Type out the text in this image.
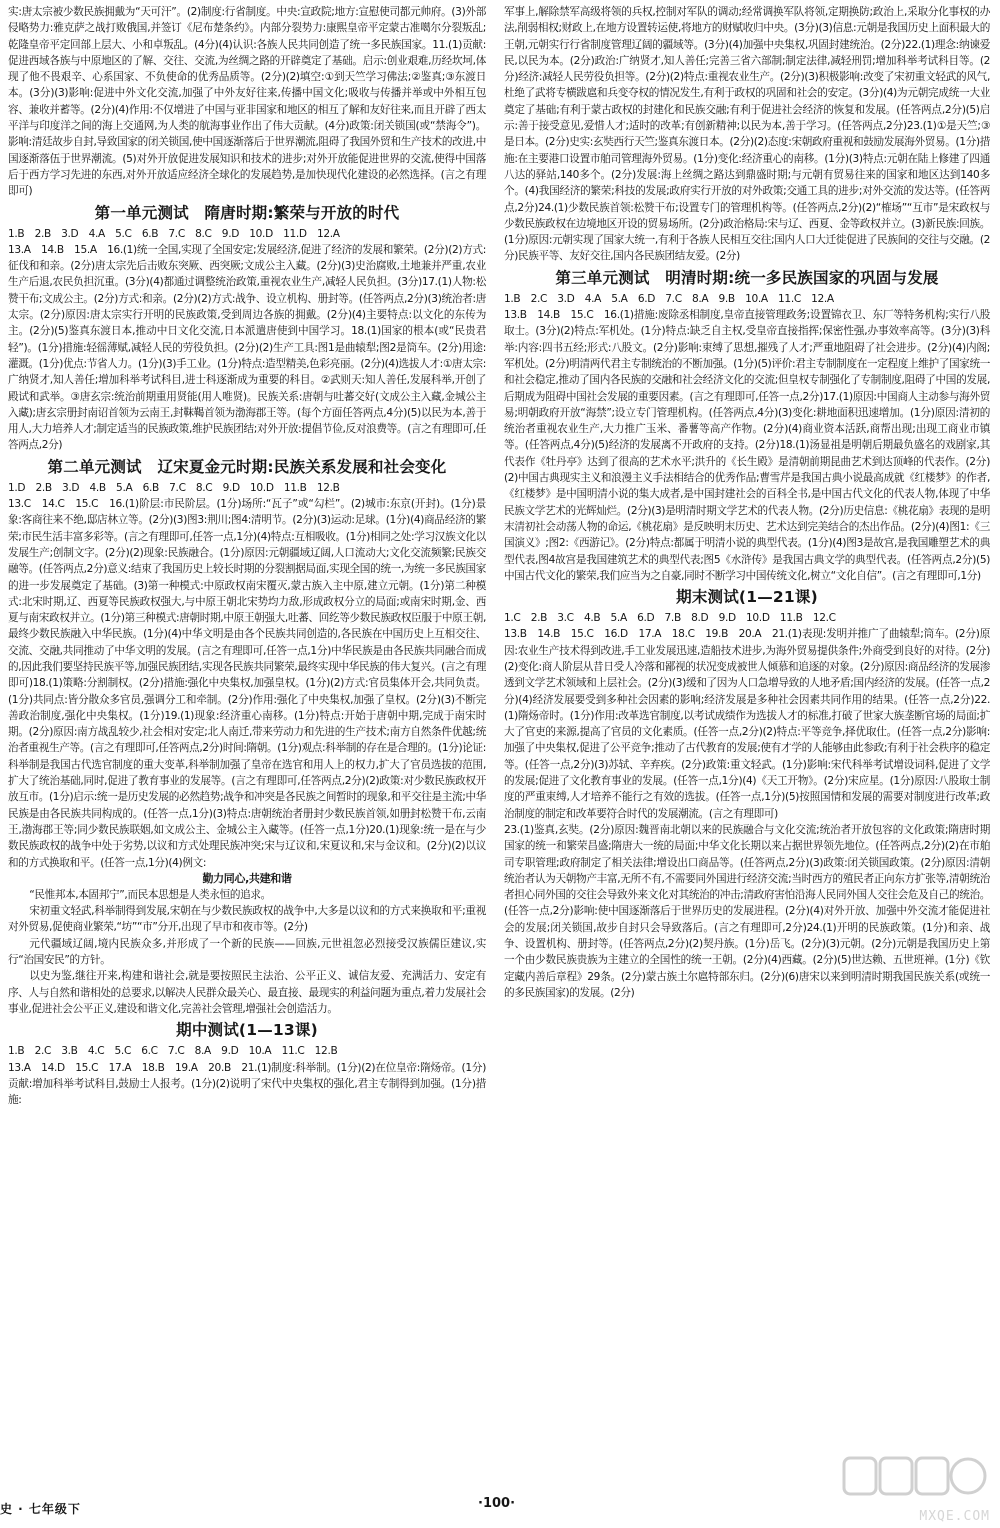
实:唐太宗被少数民族拥戴为“天可汗”。(2)制度:行省制度。中央:宣政院;地方:宣慰使司都元帅府。(3)外部侵略势力:雅克萨之战打败俄国,并签订《尼布楚条约》。内部分裂势力:康熙皇帝平定蒙古准噶尔分裂叛乱;乾隆皇帝平定回部上层大、小和卓叛乱。(4分)(4)认识:各族人民共同创造了统一多民族国家。11.(1)贡献:促进西域各族与中原地区的了解、交往、交流,为丝绸之路的开辟奠定了基础。启示:创业艰难,历经坎坷,体现了他不畏艰辛、心系国家、不负使命的优秀品质等。(2分)(2)填空:①到天竺学习佛法;②鉴真;③东渡日本。(3分)(3)影响:促进中外文化交流,加强了中外友好往来,传播中国文化;吸收与传播并举或中外相互包容、兼收并蓄等。(2分)(4)作用:不仅增进了中国与亚非国家和地区的相互了解和友好往来,而且开辟了西太平洋与印度洋之间的海上交通网,为人类的航海事业作出了伟大贡献。(4分)政策:闭关锁国(或“禁海令”)。影响:清廷故步自封,导致国家的闭关锁国,使中国逐渐落后于世界潮流,阻碍了我国外贸和生产技术的改进,中国逐渐落伍于世界潮流。(5)对外开放促进发展知识和技术的进步;对外开放能促进世界的交流,使得中国落后于西方学习先进的东西,对外开放适应经济全球化的发展趋势,是加快现代化建设的必然选择。(言之有理即可)

第一单元测试　隋唐时期:繁荣与开放的时代

1.B　2.B　3.D　4.A　5.C　6.B　7.C　8.C　9.D　10.D　11.D　12.A

13.A　14.B　15.A　16.(1)统一全国,实现了全国安定;发展经济,促进了经济的发展和繁荣。(2分)(2)方式:征伐和和亲。(2分)唐太宗先后击败东突厥、西突厥;文成公主入藏。(2分)(3)史治腐败,土地兼并严重,农业生产后退,农民负担沉重。(3分)(4)都通过调整统治政策,重视农业生产,减轻人民负担。(3分)17.(1)人物:松赞干布;文成公主。(2分)方式:和亲。(2分)(2)方式:战争、设立机构、册封等。(任答两点,2分)(3)统治者:唐太宗。(2分)原因:唐太宗实行开明的民族政策,受到周边各族的拥戴。(2分)(4)主要特点:以文化的东传为主。(2分)(5)鉴真东渡日本,推动中日文化交流,日本派遣唐使到中国学习。18.(1)国家的根本(或“民贵君轻”)。(1分)措施:轻徭薄赋,减轻人民的劳役负担。(2分)(2)生产工具:图1是曲辕犁;图2是筒车。(2分)用途:灌溉。(1分)优点:节省人力。(1分)(3)手工业。(1分)特点:造型精美,色彩亮丽。(2分)(4)选拔人才:①唐太宗:广纳贤才,知人善任;增加科举考试科目,进士科逐渐成为重要的科目。②武则天:知人善任,发展科举,开创了殿试和武举。③唐玄宗:统治前期重用贤能(用人唯贤)。民族关系:唐朝与吐蕃交好(文成公主入藏,金城公主入藏);唐玄宗册封南诏首领为云南王,封靺鞨首领为渤海郡王等。(每个方面任答两点,4分)(5)以民为本,善于用人,大力培养人才;制定适当的民族政策,维护民族团结;对外开放:提倡节俭,反对浪费等。(言之有理即可,任答两点,2分)

第二单元测试　辽宋夏金元时期:民族关系发展和社会变化

1.D　2.B　3.D　4.B　5.A　6.B　7.C　8.C　9.D　10.D　11.B　12.B

13.C　14.C　15.C　16.(1)阶层:市民阶层。(1分)场所:“瓦子”或“勾栏”。(2)城市:东京(开封)。(1分)景象:客商往来不绝,邸店林立等。(2分)(3)图3:荆川;图4:清明节。(2分)(3)运动:足球。(1分)(4)商品经济的繁荣;市民生活丰富多彩等。(言之有理即可,任答一点,1分)(4)特点:互相吸收。(1分)相同之处:学习汉族文化以发展生产;创制文字。(2分)(2)现象:民族融合。(1分)原因:元朝疆域辽阔,人口流动大;文化交流频繁;民族交融等。(任答两点,2分)意义:结束了我国历史上较长时期的分裂割据局面,实现全国的统一,为统一多民族国家的进一步发展奠定了基础。(3)第一种模式:中原政权南宋覆灭,蒙古族入主中原,建立元朝。(1分)第二种模式:北宋时期,辽、西夏等民族政权强大,与中原王朝北宋势均力敌,形成政权分立的局面;或南宋时期,金、西夏与南宋政权并立。(1分)第三种模式:唐朝时期,中原王朝强大,吐蕃、回纥等少数民族政权臣服于中原王朝,最终少数民族融入中华民族。(1分)(4)中华文明是由各个民族共同创造的,各民族在中国历史上互相交往、交流、交融,共同推动了中华文明的发展。(言之有理即可,任答一点,1分)中华民族是由各民族共同融合而成的,因此我们要坚持民族平等,加强民族团结,实现各民族共同繁荣,最终实现中华民族的伟大复兴。(言之有理即可)18.(1)策略:分割制权。(2分)措施:强化中央集权,加强皇权。(1分)(2)方式:官员集体开会,共同负责。(1分)共同点:皆分散众多官员,强调分工和牵制。(2分)作用:强化了中央集权,加强了皇权。(2分)(3)不断完善政治制度,强化中央集权。(1分)19.(1)现象:经济重心南移。(1分)特点:开始于唐朝中期,完成于南宋时期。(2分)原因:南方战乱较少,社会相对安定;北人南迁,带来劳动力和先进的生产技术;南方自然条件优越;统治者重视生产等。(言之有理即可,任答两点,2分)时间:隋朝。(1分)观点:科举制的存在是合理的。(1分)论证:科举制是我国古代选官制度的重大变革,科举制加强了皇帝在选官和用人上的权力,扩大了官员选拔的范围,扩大了统治基础,同时,促进了教育事业的发展等。(言之有理即可,任答两点,2分)(2)政策:对少数民族政权开放互市。(1分)启示:统一是历史发展的必然趋势;战争和冲突是各民族之间暂时的现象,和平交往是主流;中华民族是由各民族共同构成的。(任答一点,1分)(3)特点:唐朝统治者册封少数民族首领,如册封松赞干布,云南王,渤海郡王等;同少数民族联姻,如文成公主、金城公主入藏等。(任答一点,1分)20.(1)现象:统一是在与少数民族政权的战争中处于劣势,以议和方式处理民族冲突;宋与辽议和,宋夏议和,宋与金议和。(2分)(2)以议和的方式换取和平。(任答一点,1分)(4)例文:

勤力同心,共建和谐

“民惟邦本,本固邦宁”,而民本思想是人类永恒的追求。

宋初重文轻武,科举制得到发展,宋朝在与少数民族政权的战争中,大多是以议和的方式来换取和平;重视对外贸易,促使商业繁荣,“坊”“市”分开,出现了早市和夜市等。(2分)

元代疆域辽阔,境内民族众多,并形成了一个新的民族——回族,元世祖忽必烈接受汉族儒臣建议,实行“治国安民”的方针。

以史为鉴,继往开来,构建和谐社会,就是要按照民主法治、公平正义、诚信友爱、充满活力、安定有序、人与自然和谐相处的总要求,以解决人民群众最关心、最直接、最现实的利益问题为重点,着力发展社会事业,促进社会公平正义,建设和谐文化,完善社会管理,增强社会创造活力。

期中测试(1—13课)

1.B　2.C　3.B　4.C　5.C　6.C　7.C　8.A　9.D　10.A　11.C　12.B

13.A　14.D　15.C　17.A　18.B　19.A　20.B　21.(1)制度:科举制。(1分)(2)在位皇帝:隋炀帝。(1分)贡献:增加科举考试科目,鼓励士人报考。(1分)(2)说明了宋代中央集权的强化,君主专制得到加强。(1分)措施:

军事上,解除禁军高级将领的兵权,控制对军队的调动;经常调换军队将领,定期换防;政治上,采取分化事权的办法,削弱相权;财政上,在地方设置转运使,将地方的财赋收归中央。(3分)(3)信息:元朝是我国历史上面积最大的王朝,元朝实行行省制度管理辽阔的疆域等。(3分)(4)加强中央集权,巩固封建统治。(2分)22.(1)理念:纳谏爱民,以民为本。(2分)政治:广纳贤才,知人善任;完善三省六部制;制定法律,减轻刑罚;增加科举考试科目等。(2分)经济:减轻人民劳役负担等。(2分)(2)特点:重视农业生产。(2分)(3)积极影响:改变了宋初重文轻武的风气,杜绝了武将专横跋扈和兵变夺权的情况发生,有利于政权的巩固和社会的安定。(3分)(4)为元朝完成统一大业奠定了基础;有利于蒙古政权的封建化和民族交融;有利于促进社会经济的恢复和发展。(任答两点,2分)(5)启示:善于接受意见,爱惜人才;适时的改革;有创新精神;以民为本,善于学习。(任答两点,2分)23.(1)①是天竺;③是日本。(2分)史实:玄奘西行天竺;鉴真东渡日本。(2分)(2)态度:宋朝政府重视和鼓励发展海外贸易。(1分)措施:在主要港口设置市舶司管理海外贸易。(1分)变化:经济重心的南移。(1分)(3)特点:元朝在陆上修建了四通八达的驿站,140多个。(2分)发展:海上丝绸之路达到鼎盛时期;与元朝有贸易往来的国家和地区达到140多个。(4)我国经济的繁荣;科技的发展;政府实行开放的对外政策;交通工具的进步;对外交流的发达等。(任答两点,2分)24.(1)少数民族首领:松赞干布;设置专门的管理机构等。(任答两点,2分)(2)“榷场”“互市”是宋政权与少数民族政权在边境地区开设的贸易场所。(2分)政治格局:宋与辽、西夏、金等政权并立。(3)新民族:回族。(1分)原因:元朝实现了国家大统一,有利于各族人民相互交往;国内人口大迁徙促进了民族间的交往与交融。(2分)民族平等、友好交往,国内各民族团结友爱。(2分)

第三单元测试　明清时期:统一多民族国家的巩固与发展

1.B　2.C　3.D　4.A　5.A　6.D　7.C　8.A　9.B　10.A　11.C　12.A

13.B　14.B　15.C　16.(1)措施:废除丞相制度,皇帝直接管理政务;设置锦衣卫、东厂等特务机构;实行八股取士。(3分)(2)特点:军机处。(1分)特点:缺乏自主权,受皇帝直接指挥;保密性强,办事效率高等。(3分)(3)科举:内容:四书五经;形式:八股文。(2分)影响:束缚了思想,摧残了人才;严重地阻碍了社会进步。(2分)(4)内阁;军机处。(2分)明清两代君主专制统治的不断加强。(1分)(5)评价:君主专制制度在一定程度上维护了国家统一和社会稳定,推动了国内各民族的交融和社会经济文化的交流;但皇权专制强化了专制制度,阻碍了中国的发展,后期成为阻碍中国社会发展的重要因素。(言之有理即可,任答一点,2分)17.(1)原因:中国商人主动参与海外贸易;明朝政府开放“海禁”;设立专门管理机构。(任答两点,4分)(3)变化:耕地面积迅速增加。(1分)原因:清初的统治者重视农业生产,大力推广玉米、番薯等高产作物。(2分)(4)商业资本活跃,商帮出现;出现工商业市镇等。(任答两点,4分)(5)经济的发展离不开政府的支持。(2分)18.(1)汤显祖是明朝后期最负盛名的戏剧家,其代表作《牡丹亭》达到了很高的艺术水平;洪升的《长生殿》是清朝前期昆曲艺术到达顶峰的代表作。(2分)(2)中国古典现实主义和浪漫主义手法相结合的优秀作品;曹雪芹是我国古典小说最高成就《红楼梦》的作者,《红楼梦》是中国明清小说的集大成者,是中国封建社会的百科全书,是中国古代文化的代表人物,体现了中华民族文学艺术的光辉灿烂。(2分)(3)是明清时期文学艺术的代表人物。(2分)历史信息:《桃花扇》表现的是明末清初社会动荡人物的命运,《桃花扇》是反映明末历史、艺术达到完美结合的杰出作品。(2分)(4)图1:《三国演义》;图2:《西游记》。(2分)特点:都属于明清小说的典型代表。(1分)(4)图3是故宫,是我国雕塑艺术的典型代表,图4故宫是我国建筑艺术的典型代表;图5《水浒传》是我国古典文学的典型代表。(任答两点,2分)(5)中国古代文化的繁荣,我们应当为之自豪,同时不断学习中国传统文化,树立“文化自信”。(言之有理即可,1分)

期末测试(1—21课)

1.C　2.B　3.C　4.B　5.A　6.D　7.B　8.D　9.D　10.D　11.B　12.C

13.B　14.B　15.C　16.D　17.A　18.C　19.B　20.A　21.(1)表现:发明并推广了曲辕犁;筒车。(2分)原因:农业生产技术得到改进,手工业发展迅速,造船技术进步,为海外贸易提供条件;外商受到良好的对待。(2分)(2)变化:商人阶层从昔日受人冷落和鄙视的状况变成被世人倾慕和追逐的对象。(2分)原因:商品经济的发展渗透到文学艺术领域和上层社会。(2分)(3)缓和了因为人口急增导致的人地矛盾;国内经济的发展。(任答一点,2分)(4)经济发展要受到多种社会因素的影响;经济发展是多种社会因素共同作用的结果。(任答一点,2分)22.(1)隋炀帝时。(1分)作用:改革选官制度,以考试成绩作为选拔人才的标准,打破了世家大族垄断官场的局面;扩大了官吏的来源,提高了官员的文化素质。(任答一点,2分)(2)特点:平等竞争,择优取仕。(任答一点,2分)影响:加强了中央集权,促进了公平竞争;推动了古代教育的发展;使有才学的人能够由此参政;有利于社会秩序的稳定等。(任答一点,2分)(3)苏轼、辛弃疾。(2分)政策:重文轻武。(1分)影响:宋代科举考试增设词科,促进了文学的发展;促进了文化教育事业的发展。(任答一点,1分)(4)《天工开物》。(2分)宋应星。(1分)原因:八股取士制度的严重束缚,人才培养不能行之有效的选拔。(任答一点,1分)(5)按照国情和发展的需要对制度进行改革;政治制度的制定和改革要符合时代的发展潮流。(言之有理即可)

23.(1)鉴真,玄奘。(2分)原因:魏晋南北朝以来的民族融合与文化交流;统治者开放包容的文化政策;隋唐时期国家的统一和繁荣昌盛;隋唐大一统的局面;中华文化长期以来占据世界领先地位。(任答两点,2分)(2)在市舶司专职管理;政府制定了相关法律;增设出口商品等。(任答两点,2分)(3)政策:闭关锁国政策。(2分)原因:清朝统治者认为天朝物产丰富,无所不有,不需要同外国进行经济交流;当时西方的殖民者正向东方扩张等,清朝统治者担心同外国的交往会导致外来文化对其统治的冲击;清政府害怕沿海人民同外国人交往会危及自己的统治。(任答一点,2分)影响:使中国逐渐落后于世界历史的发展进程。(2分)(4)对外开放、加强中外交流才能促进社会的发展;闭关锁国,故步自封只会导致落后。(言之有理即可,2分)24.(1)开明的民族政策。(1分)和亲、战争、设置机构、册封等。(任答两点,2分)(2)契丹族。(1分)岳飞。(2分)(3)元朝。(2分)元朝是我国历史上第一个由少数民族贵族为主建立的全国性的统一王朝。(2分)(4)西藏。(2分)(5)世达赖、五世班禅。(1分)《钦定藏内善后章程》29条。(2分)蒙古族土尔扈特部东归。(2分)(6)唐宋以来到明清时期我国民族关系(或统一的多民族国家)的发展。(2分)

史 · 七年级下	·100·
MXQE.COM
